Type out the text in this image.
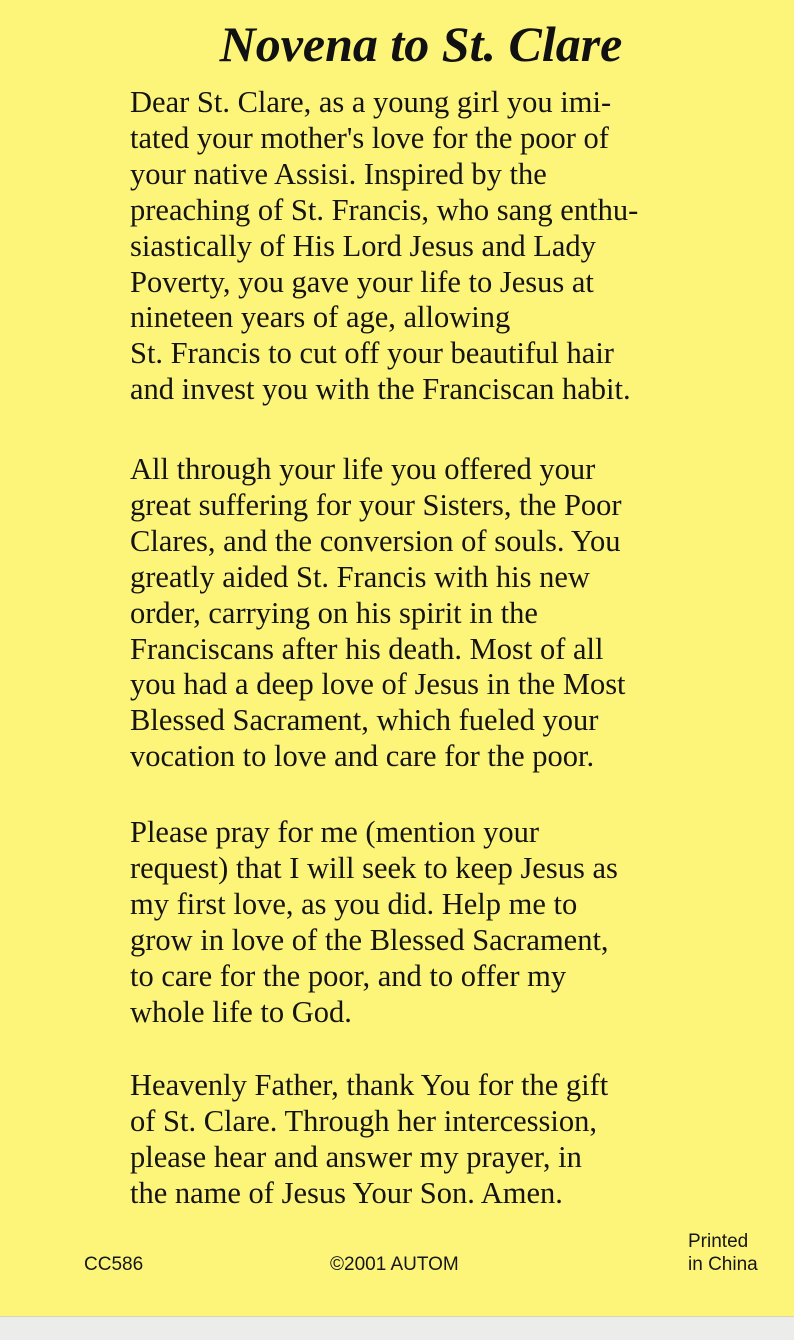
Novena to St. Clare

Dear St. Clare, as a young girl you imi-
tated your mother's love for the poor of
your native Assisi. Inspired by the
preaching of St. Francis, who sang enthu-
siastically of His Lord Jesus and Lady
Poverty, you gave your life to Jesus at
nineteen years of age, allowing
St. Francis to cut off your beautiful hair
and invest you with the Franciscan habit.

All through your life you offered your
great suffering for your Sisters, the Poor
Clares, and the conversion of souls. You
greatly aided St. Francis with his new
order, carrying on his spirit in the
Franciscans after his death. Most of all
you had a deep love of Jesus in the Most
Blessed Sacrament, which fueled your
vocation to love and care for the poor.

Please pray for me (mention your
request) that I will seek to keep Jesus as
my first love, as you did. Help me to
grow in love of the Blessed Sacrament,
to care for the poor, and to offer my
whole life to God.

Heavenly Father, thank You for the gift
of St. Clare. Through her intercession,
please hear and answer my prayer, in
the name of Jesus Your Son. Amen.

CC586	©2001 AUTOM

Printed
in China
